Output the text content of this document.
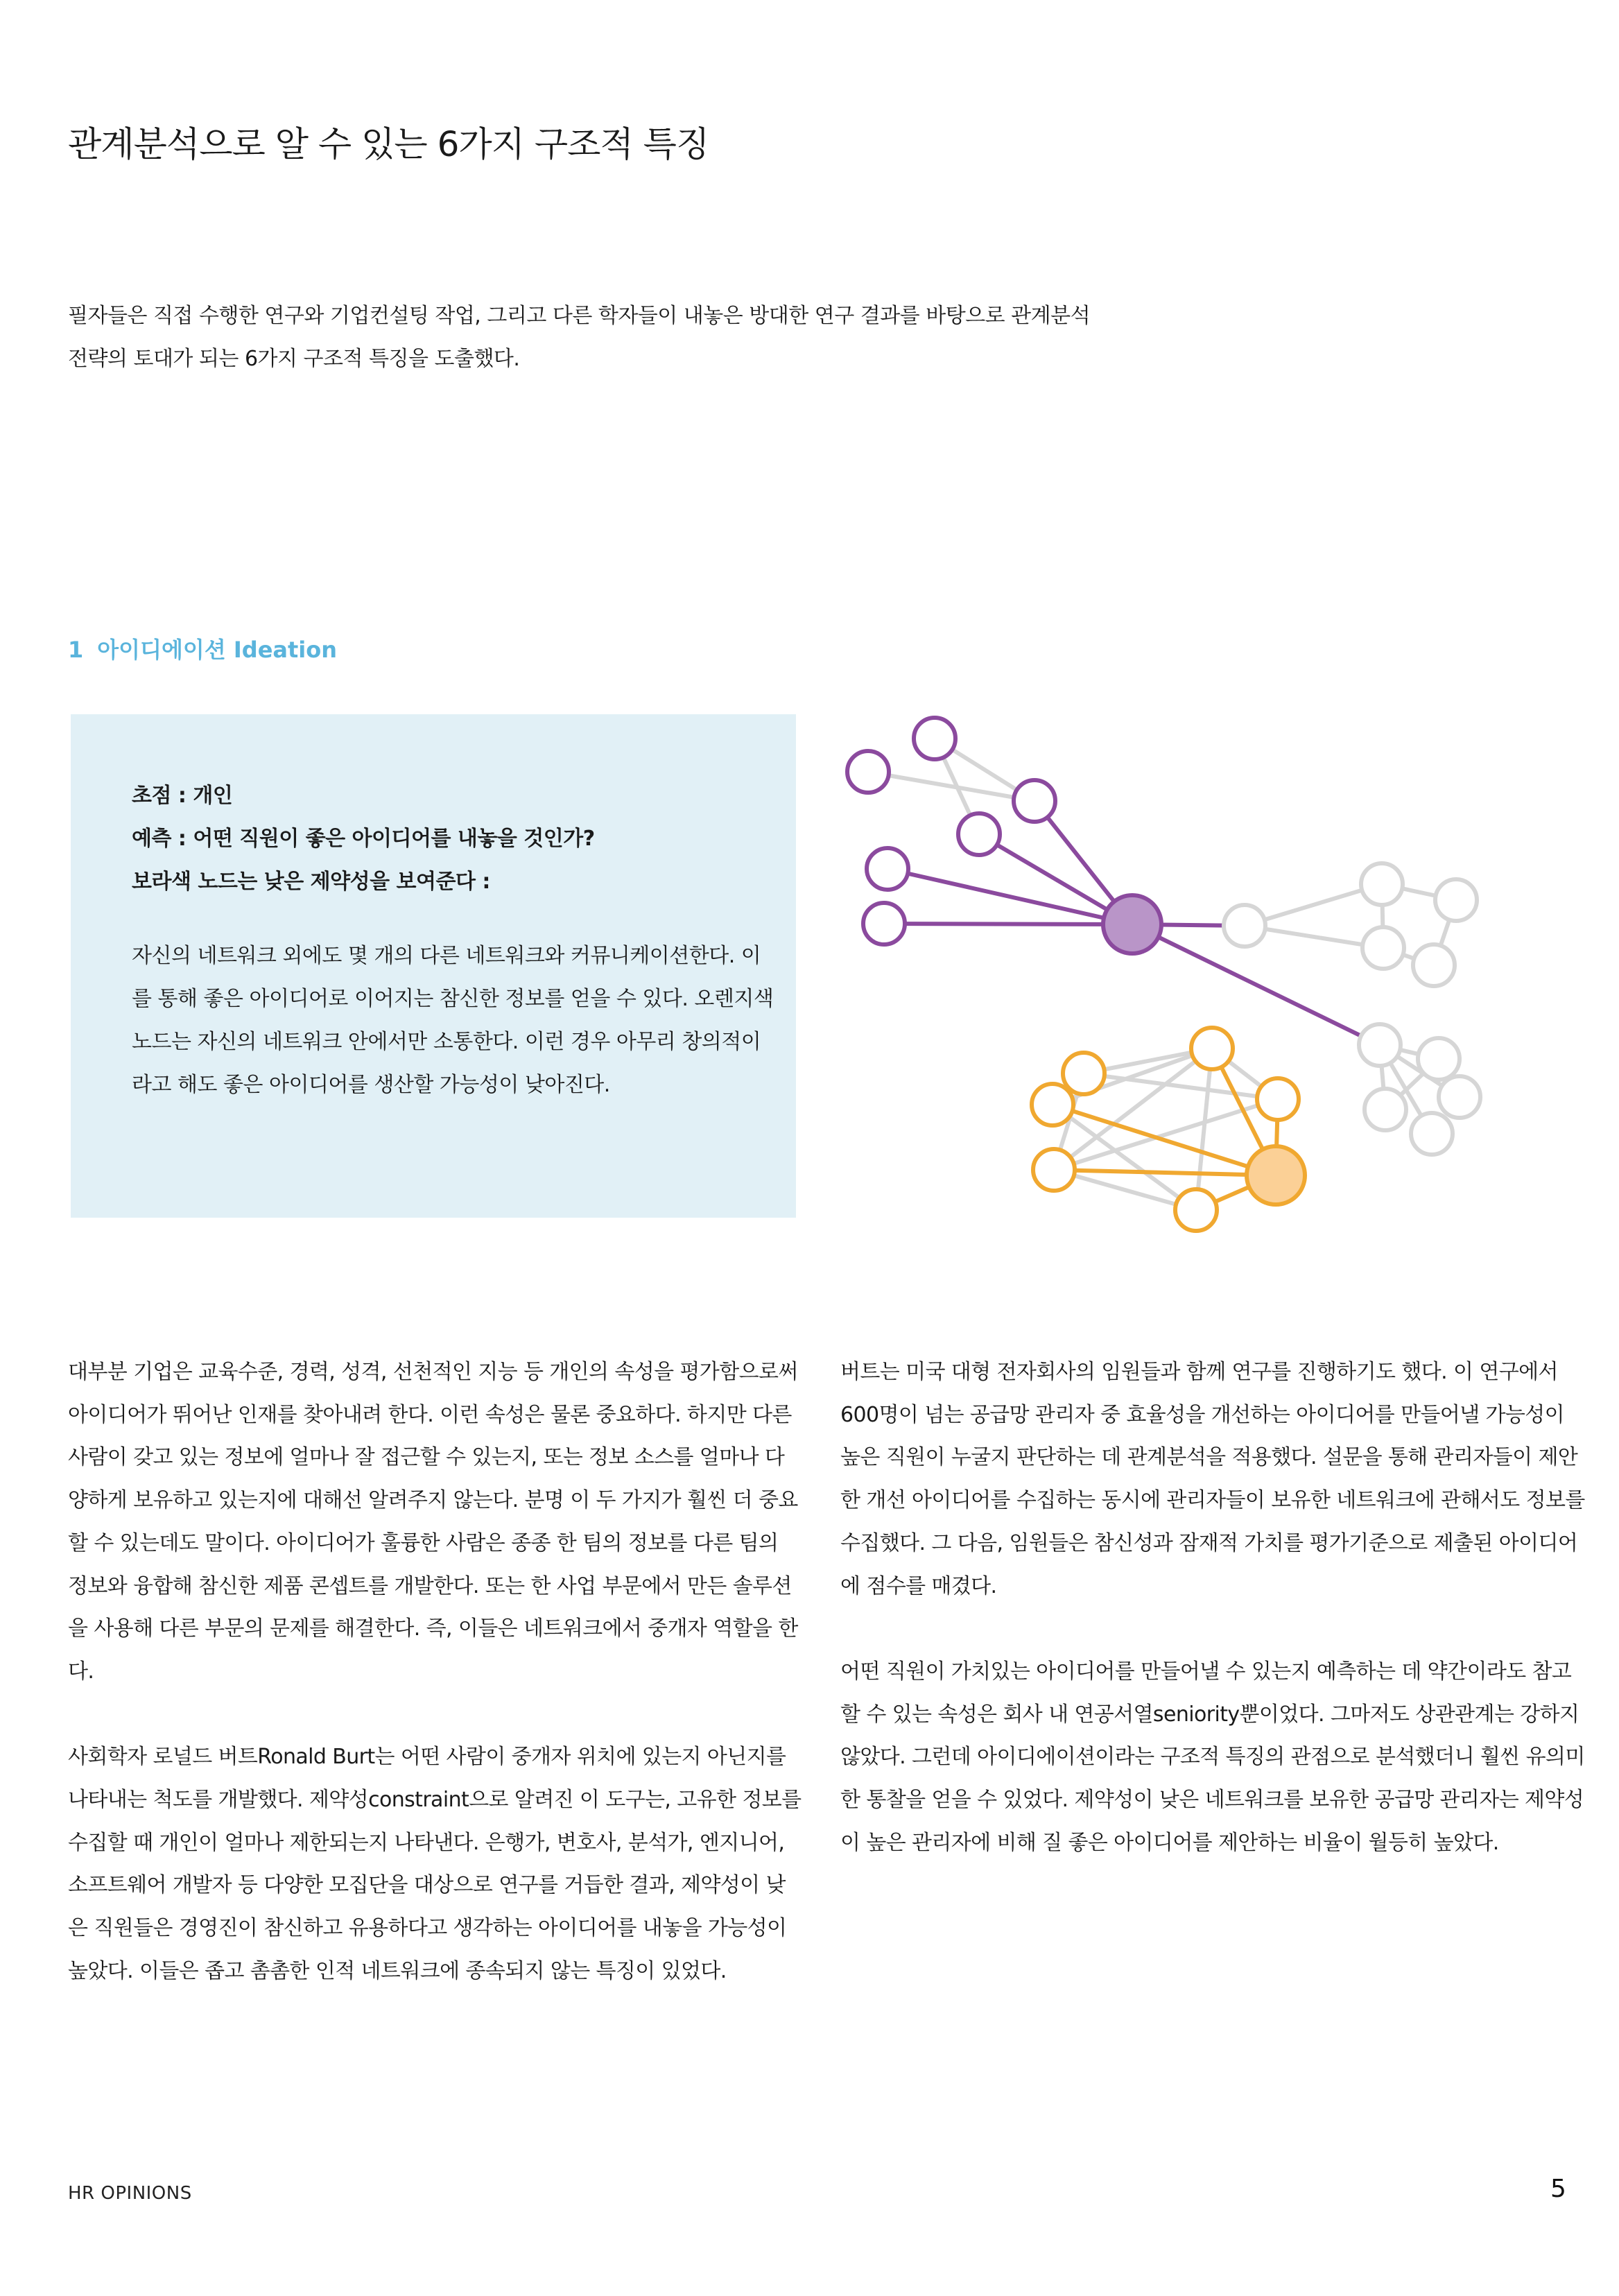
관계분석으로 알 수 있는 6가지 구조적 특징
필자들은 직접 수행한 연구와 기업컨설팅 작업, 그리고 다른 학자들이 내놓은 방대한 연구 결과를 바탕으로 관계분석 전략의 토대가 되는 6가지 구조적 특징을 도출했다.
1 아이디에이션 Ideation
초점 : 개인
예측 : 어떤 직원이 좋은 아이디어를 내놓을 것인가?
보라색 노드는 낮은 제약성을 보여준다 :
자신의 네트워크 외에도 몇 개의 다른 네트워크와 커뮤니케이션한다. 이를 통해 좋은 아이디어로 이어지는 참신한 정보를 얻을 수 있다. 오렌지색 노드는 자신의 네트워크 안에서만 소통한다. 이런 경우 아무리 창의적이라고 해도 좋은 아이디어를 생산할 가능성이 낮아진다.

대부분 기업은 교육수준, 경력, 성격, 선천적인 지능 등 개인의 속성을 평가함으로써 아이디어가 뛰어난 인재를 찾아내려 한다. 이런 속성은 물론 중요하다. 하지만 다른 사람이 갖고 있는 정보에 얼마나 잘 접근할 수 있는지, 또는 정보 소스를 얼마나 다양하게 보유하고 있는지에 대해선 알려주지 않는다. 분명 이 두 가지가 훨씬 더 중요할 수 있는데도 말이다. 아이디어가 훌륭한 사람은 종종 한 팀의 정보를 다른 팀의 정보와 융합해 참신한 제품 콘셉트를 개발한다. 또는 한 사업 부문에서 만든 솔루션을 사용해 다른 부문의 문제를 해결한다. 즉, 이들은 네트워크에서 중개자 역할을 한다.

사회학자 로널드 버트Ronald Burt는 어떤 사람이 중개자 위치에 있는지 아닌지를 나타내는 척도를 개발했다. 제약성constraint으로 알려진 이 도구는, 고유한 정보를 수집할 때 개인이 얼마나 제한되는지 나타낸다. 은행가, 변호사, 분석가, 엔지니어, 소프트웨어 개발자 등 다양한 모집단을 대상으로 연구를 거듭한 결과, 제약성이 낮은 직원들은 경영진이 참신하고 유용하다고 생각하는 아이디어를 내놓을 가능성이 높았다. 이들은 좁고 촘촘한 인적 네트워크에 종속되지 않는 특징이 있었다.

버트는 미국 대형 전자회사의 임원들과 함께 연구를 진행하기도 했다. 이 연구에서 600명이 넘는 공급망 관리자 중 효율성을 개선하는 아이디어를 만들어낼 가능성이 높은 직원이 누굴지 판단하는 데 관계분석을 적용했다. 설문을 통해 관리자들이 제안한 개선 아이디어를 수집하는 동시에 관리자들이 보유한 네트워크에 관해서도 정보를 수집했다. 그 다음, 임원들은 참신성과 잠재적 가치를 평가기준으로 제출된 아이디어에 점수를 매겼다.

어떤 직원이 가치있는 아이디어를 만들어낼 수 있는지 예측하는 데 약간이라도 참고할 수 있는 속성은 회사 내 연공서열seniority뿐이었다. 그마저도 상관관계는 강하지 않았다. 그런데 아이디에이션이라는 구조적 특징의 관점으로 분석했더니 훨씬 유의미한 통찰을 얻을 수 있었다. 제약성이 낮은 네트워크를 보유한 공급망 관리자는 제약성이 높은 관리자에 비해 질 좋은 아이디어를 제안하는 비율이 월등히 높았다.

HR OPINIONS	5
